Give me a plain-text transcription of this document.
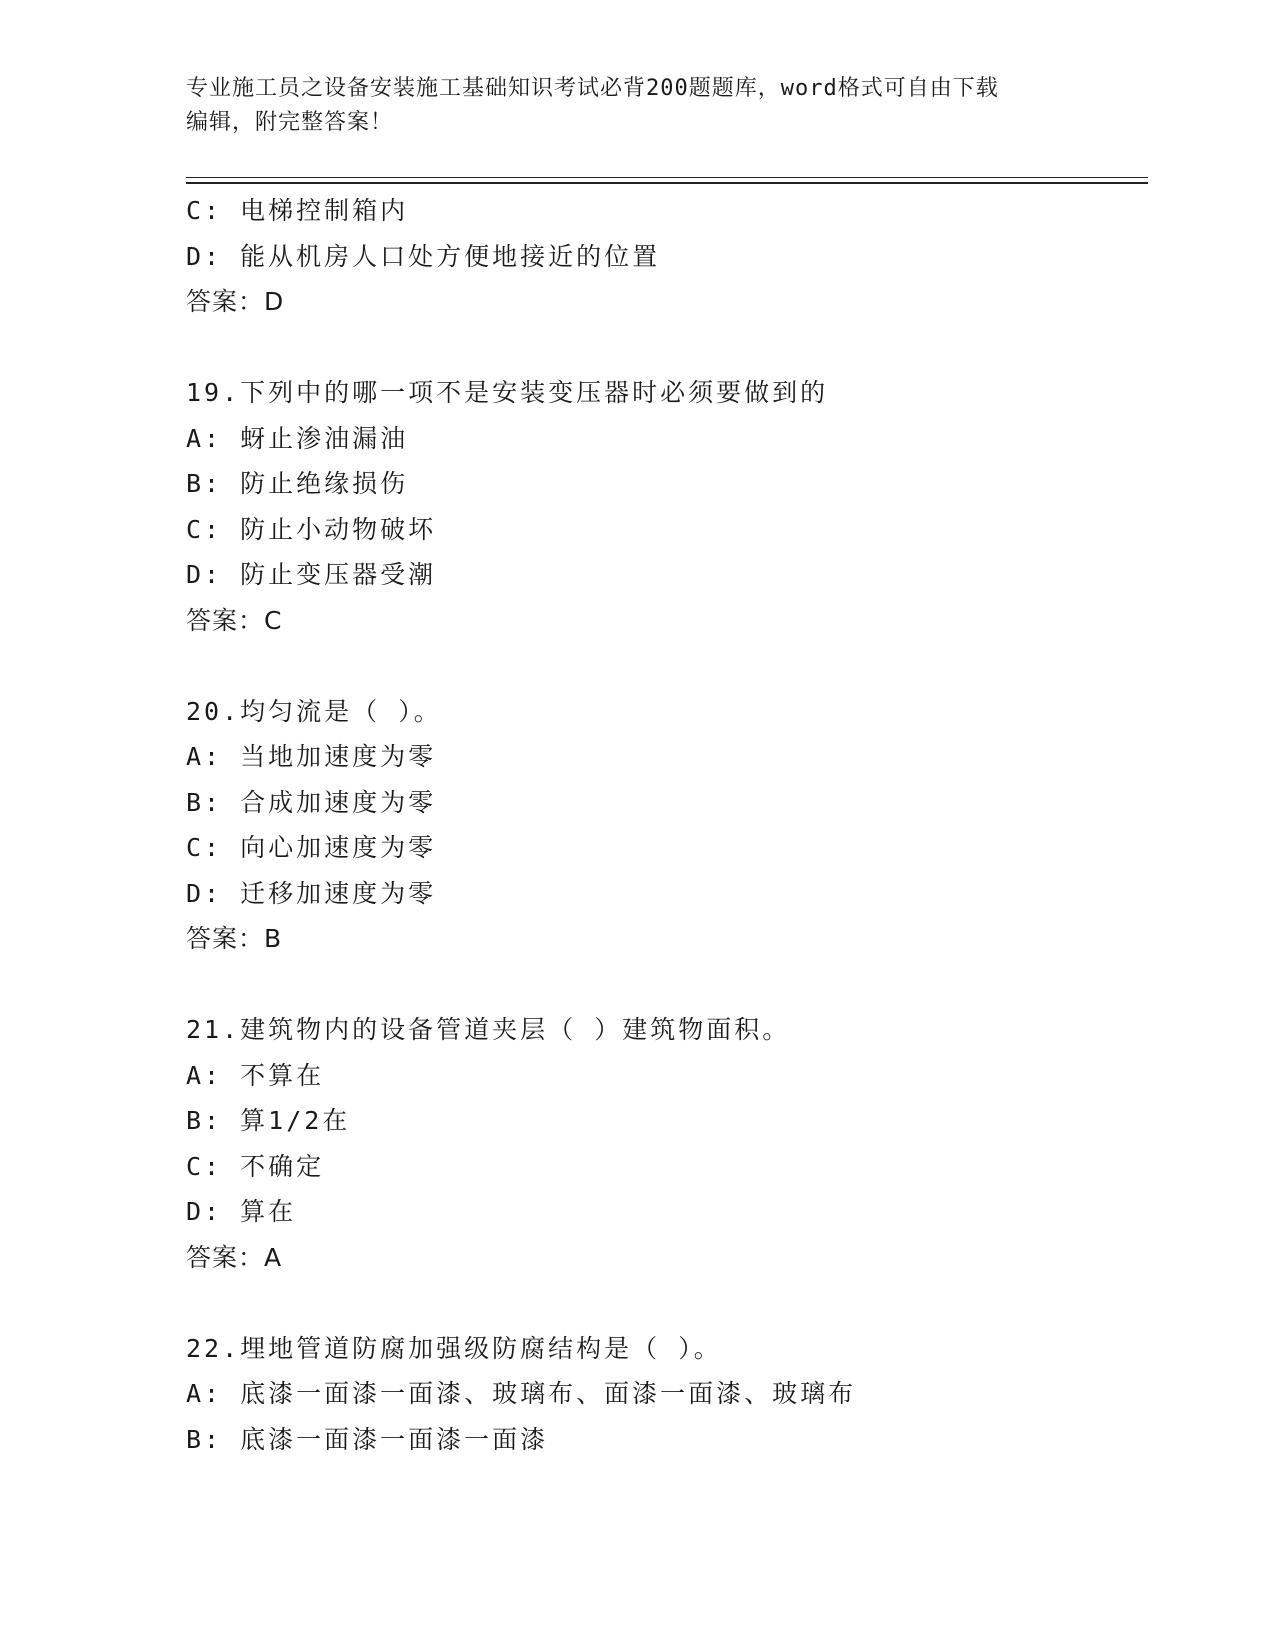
专业施工员之设备安装施工基础知识考试必背200题题库，word格式可自由下载
编辑，附完整答案！
C: 电梯控制箱内
D: 能从机房人口处方便地接近的位置
答案：D
19.下列中的哪一项不是安装变压器时必须要做到的
A: 蚜止渗油漏油
B: 防止绝缘损伤
C: 防止小动物破坏
D: 防止变压器受潮
答案：C
20.均匀流是（ ）。
A: 当地加速度为零
B: 合成加速度为零
C: 向心加速度为零
D: 迁移加速度为零
答案：B
21.建筑物内的设备管道夹层（ ）建筑物面积。
A: 不算在
B: 算1/2在
C: 不确定
D: 算在
答案：A
22.埋地管道防腐加强级防腐结构是（ ）。
A: 底漆一面漆一面漆、玻璃布、面漆一面漆、玻璃布
B: 底漆一面漆一面漆一面漆
